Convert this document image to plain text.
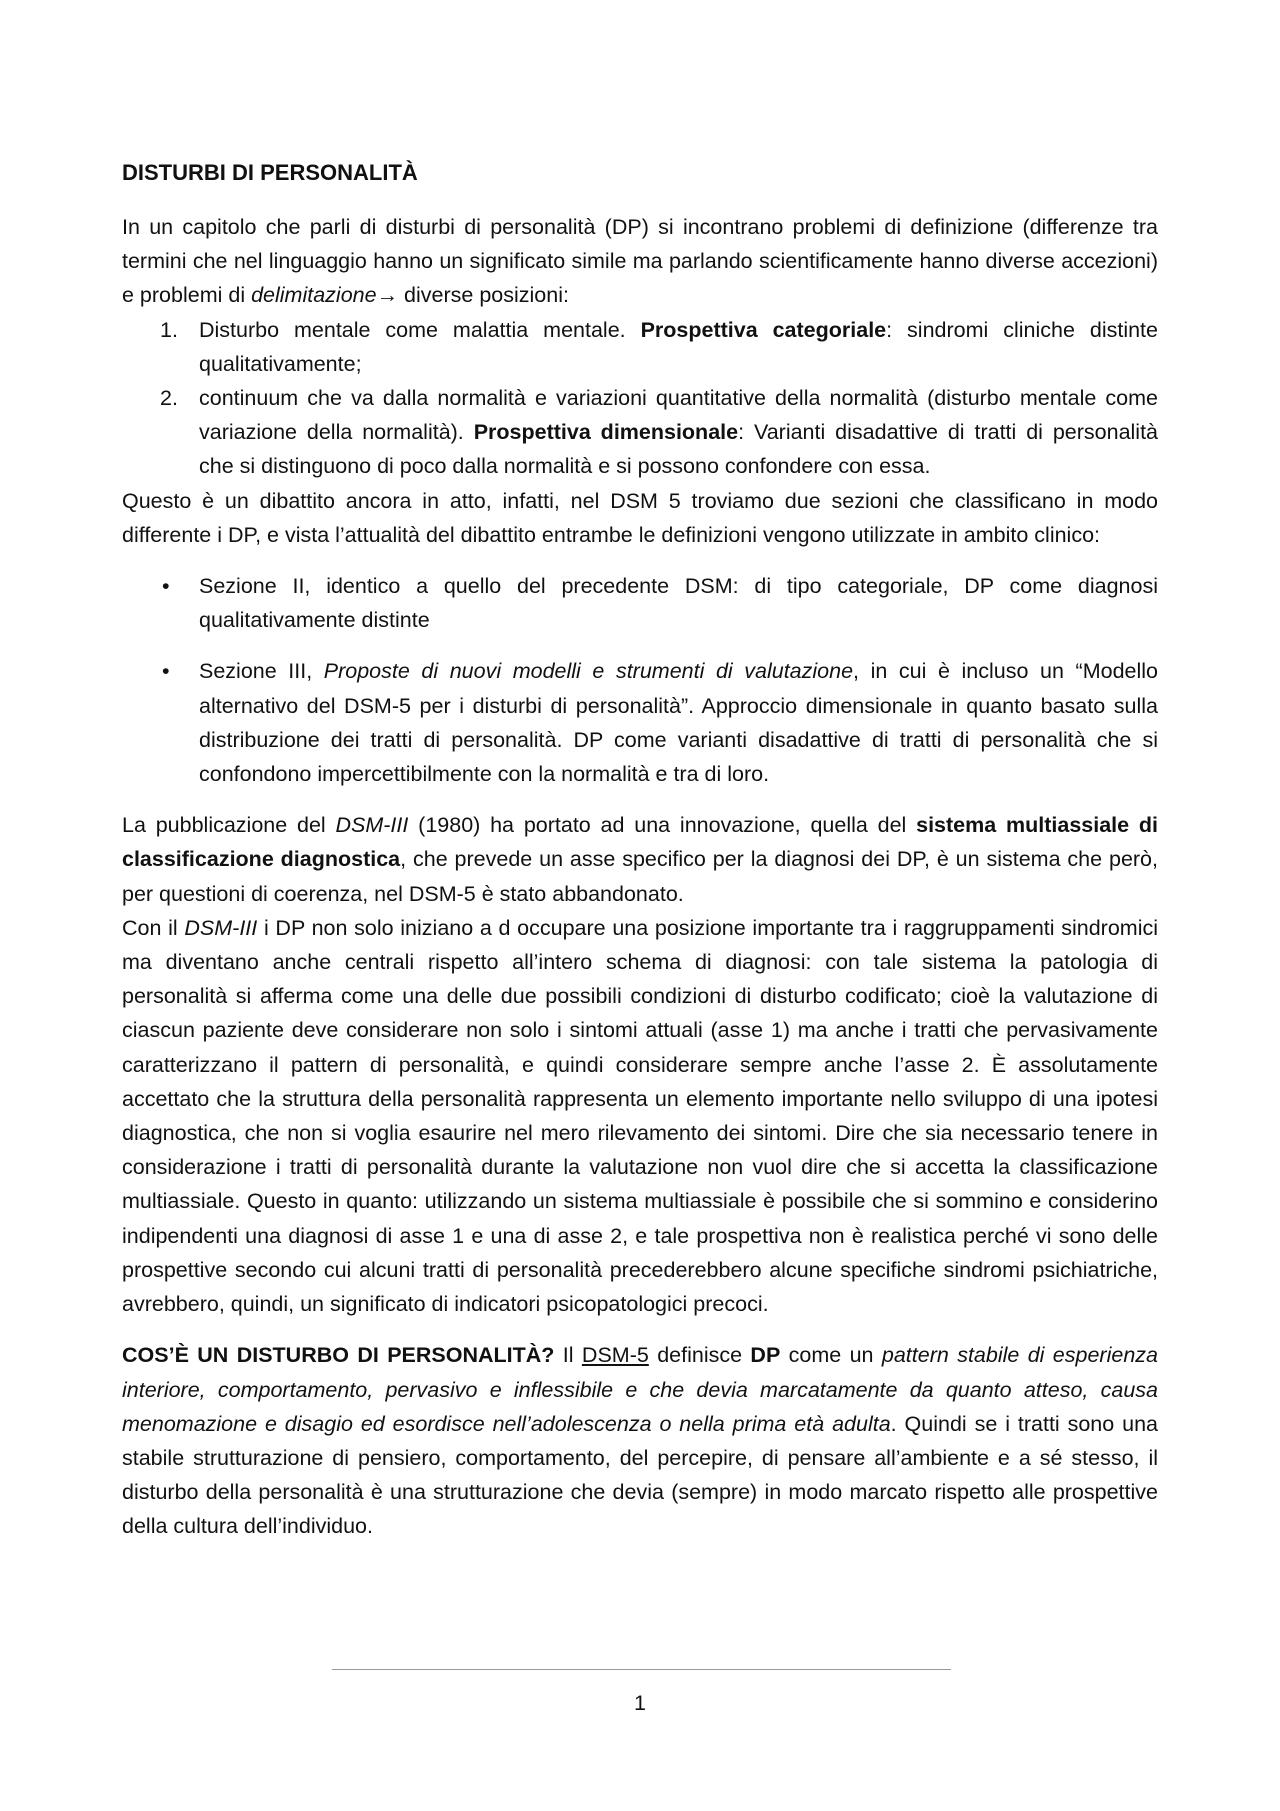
DISTURBI DI PERSONALITÀ

In un capitolo che parli di disturbi di personalità (DP) si incontrano problemi di definizione (differenze tra termini che nel linguaggio hanno un significato simile ma parlando scientificamente hanno diverse accezioni) e problemi di delimitazione→ diverse posizioni:

1. Disturbo mentale come malattia mentale. Prospettiva categoriale: sindromi cliniche distinte qualitativamente;
2. continuum che va dalla normalità e variazioni quantitative della normalità (disturbo mentale come variazione della normalità). Prospettiva dimensionale: Varianti disadattive di tratti di personalità che si distinguono di poco dalla normalità e si possono confondere con essa.

Questo è un dibattito ancora in atto, infatti, nel DSM 5 troviamo due sezioni che classificano in modo differente i DP, e vista l’attualità del dibattito entrambe le definizioni vengono utilizzate in ambito clinico:

• Sezione II, identico a quello del precedente DSM: di tipo categoriale, DP come diagnosi qualitativamente distinte
• Sezione III, Proposte di nuovi modelli e strumenti di valutazione, in cui è incluso un “Modello alternativo del DSM-5 per i disturbi di personalità”. Approccio dimensionale in quanto basato sulla distribuzione dei tratti di personalità. DP come varianti disadattive di tratti di personalità che si confondono impercettibilmente con la normalità e tra di loro.

La pubblicazione del DSM-III (1980) ha portato ad una innovazione, quella del sistema multiassiale di classificazione diagnostica, che prevede un asse specifico per la diagnosi dei DP, è un sistema che però, per questioni di coerenza, nel DSM-5 è stato abbandonato.

Con il DSM-III i DP non solo iniziano a d occupare una posizione importante tra i raggruppamenti sindromici ma diventano anche centrali rispetto all’intero schema di diagnosi: con tale sistema la patologia di personalità si afferma come una delle due possibili condizioni di disturbo codificato; cioè la valutazione di ciascun paziente deve considerare non solo i sintomi attuali (asse 1) ma anche i tratti che pervasivamente caratterizzano il pattern di personalità, e quindi considerare sempre anche l’asse 2. È assolutamente accettato che la struttura della personalità rappresenta un elemento importante nello sviluppo di una ipotesi diagnostica, che non si voglia esaurire nel mero rilevamento dei sintomi. Dire che sia necessario tenere in considerazione i tratti di personalità durante la valutazione non vuol dire che si accetta la classificazione multiassiale. Questo in quanto: utilizzando un sistema multiassiale è possibile che si sommino e considerino indipendenti una diagnosi di asse 1 e una di asse 2, e tale prospettiva non è realistica perché vi sono delle prospettive secondo cui alcuni tratti di personalità precederebbero alcune specifiche sindromi psichiatriche, avrebbero, quindi, un significato di indicatori psicopatologici precoci.

COS’È UN DISTURBO DI PERSONALITÀ? Il DSM-5 definisce DP come un pattern stabile di esperienza interiore, comportamento, pervasivo e inflessibile e che devia marcatamente da quanto atteso, causa menomazione e disagio ed esordisce nell’adolescenza o nella prima età adulta. Quindi se i tratti sono una stabile strutturazione di pensiero, comportamento, del percepire, di pensare all’ambiente e a sé stesso, il disturbo della personalità è una strutturazione che devia (sempre) in modo marcato rispetto alle prospettive della cultura dell’individuo.

1
